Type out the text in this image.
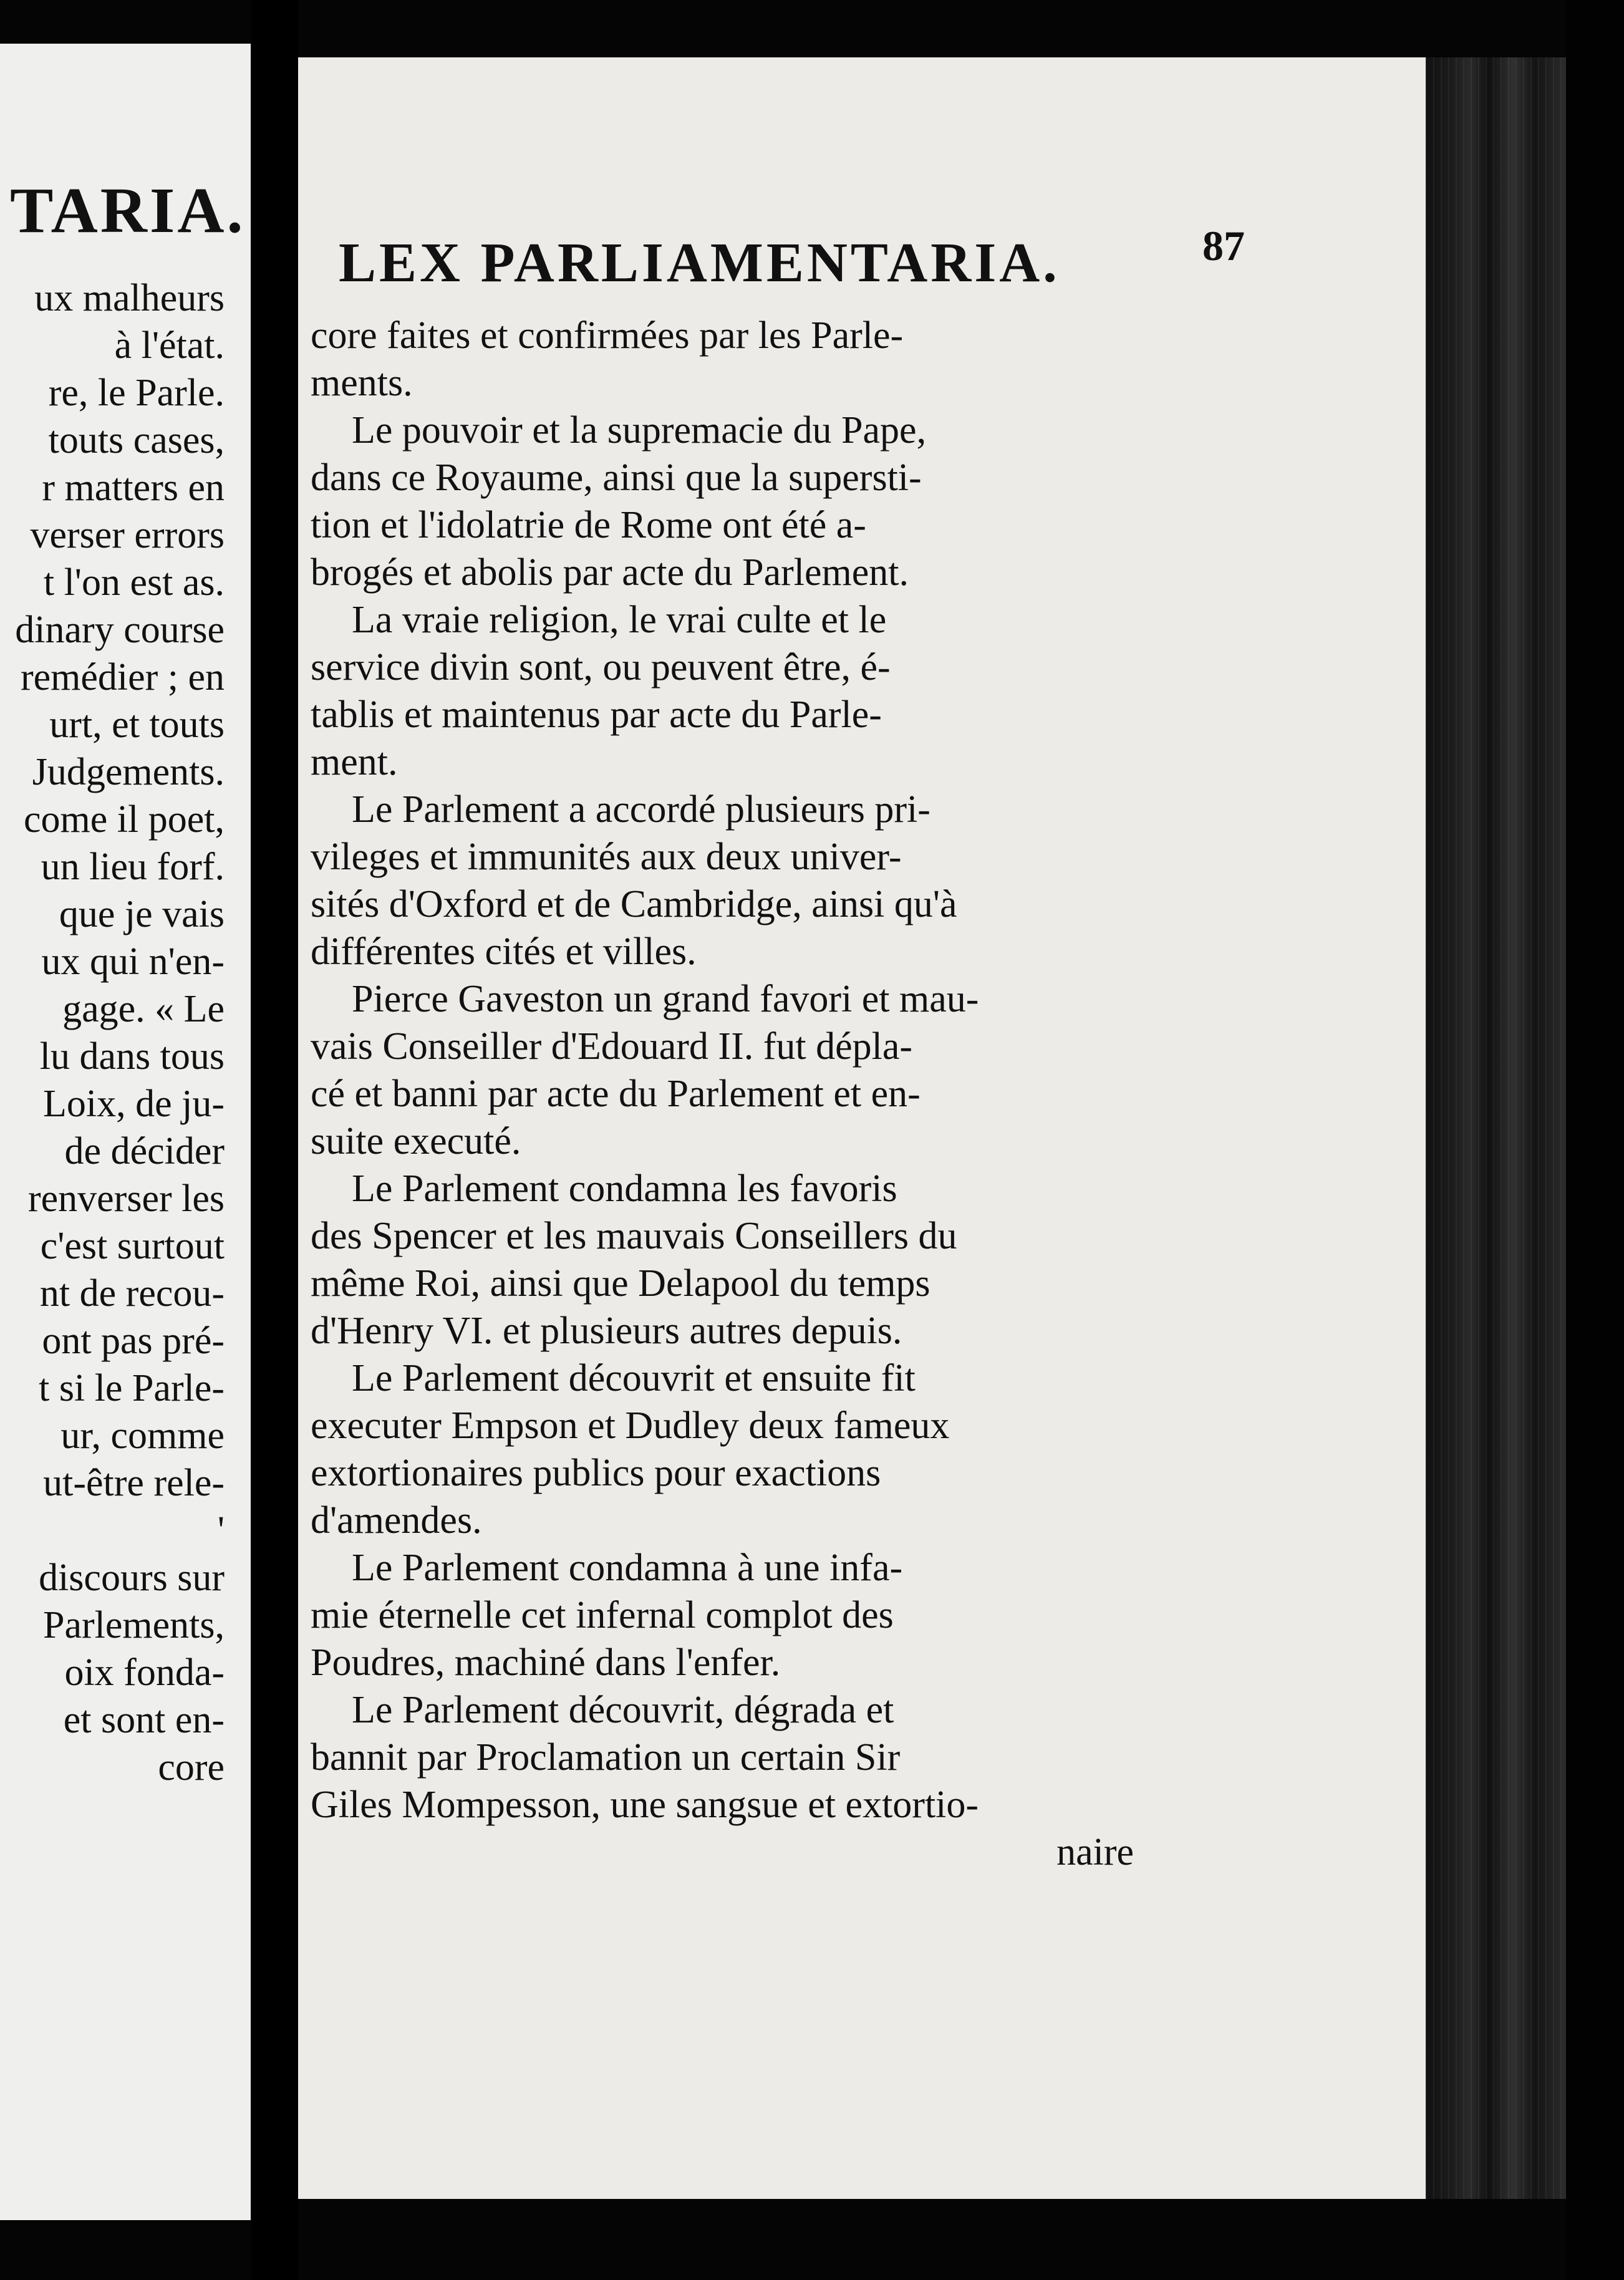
TARIA.
ux malheurs
à l'état.
re, le Parle.
touts cases,
r matters en
verser errors
t l'on est as.
dinary course
remédier ; en
urt, et touts
Judgements.
come il poet,
un lieu forf.
que je vais
ux qui n'en-
gage. « Le
lu dans tous
Loix, de ju-
de décider
renverser les
c'est surtout
nt de recou-
ont pas pré-
t si le Parle-
ur, comme
ut-être rele-
'
discours sur
Parlements,
oix fonda-
et sont en-
core
LEX PARLIAMENTARIA.	87
core faites et confirmées par les Parle-
ments.
Le pouvoir et la supremacie du Pape,
dans ce Royaume, ainsi que la supersti-
tion et l'idolatrie de Rome ont été a-
brogés et abolis par acte du Parlement.
La vraie religion, le vrai culte et le
service divin sont, ou peuvent être, é-
tablis et maintenus par acte du Parle-
ment.
Le Parlement a accordé plusieurs pri-
vileges et immunités aux deux univer-
sités d'Oxford et de Cambridge, ainsi qu'à
différentes cités et villes.
Pierce Gaveston un grand favori et mau-
vais Conseiller d'Edouard II. fut dépla-
cé et banni par acte du Parlement et en-
suite executé.
Le Parlement condamna les favoris
des Spencer et les mauvais Conseillers du
même Roi, ainsi que Delapool du temps
d'Henry VI. et plusieurs autres depuis.
Le Parlement découvrit et ensuite fit
executer Empson et Dudley deux fameux
extortionaires publics pour exactions
d'amendes.
Le Parlement condamna à une infa-
mie éternelle cet infernal complot des
Poudres, machiné dans l'enfer.
Le Parlement découvrit, dégrada et
bannit par Proclamation un certain Sir
Giles Mompesson, une sangsue et extortio-
naire
